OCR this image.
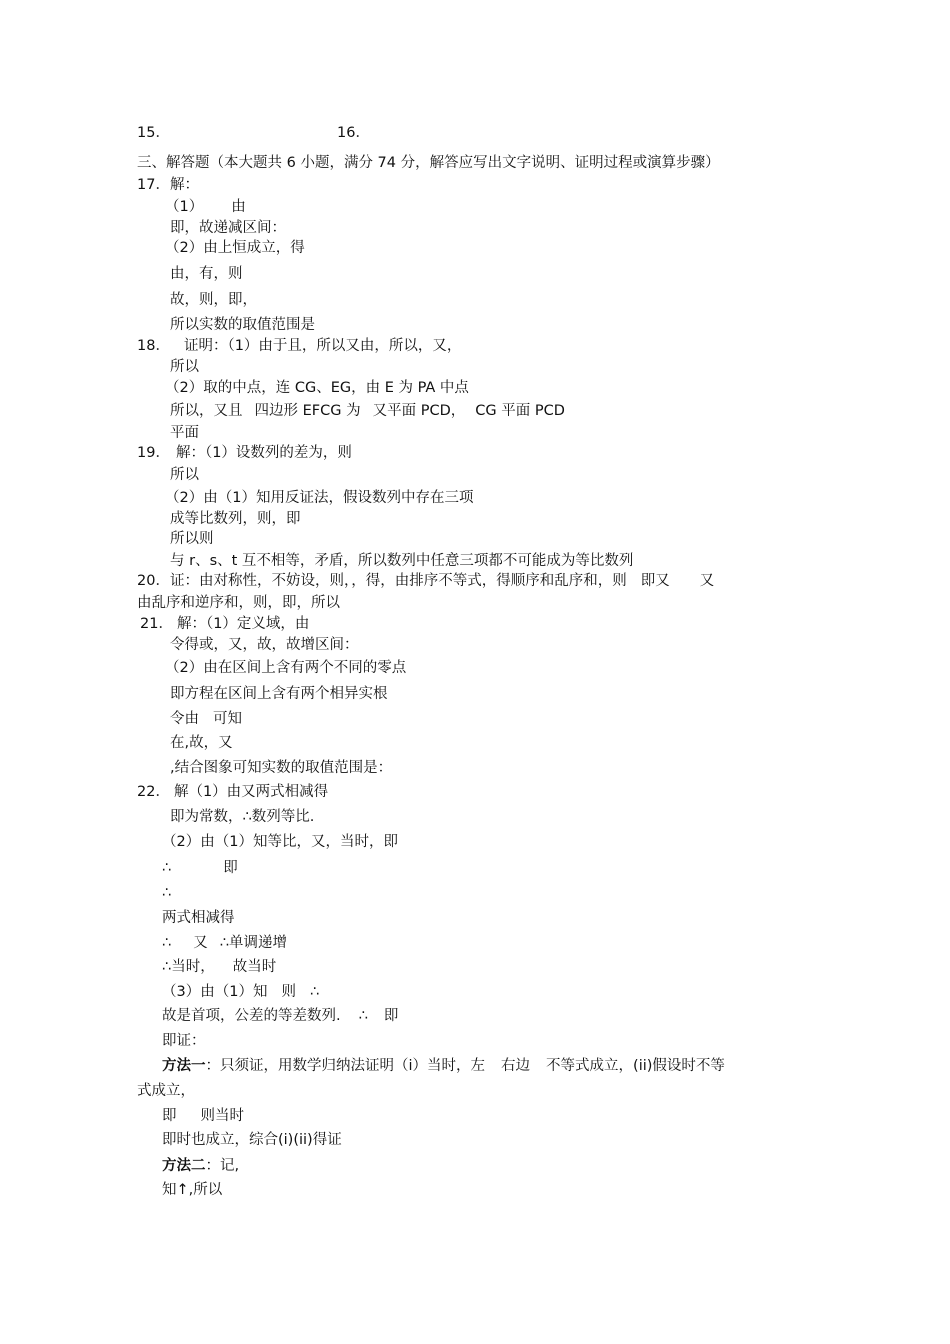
15．	16．
三、解答题（本大题共 6 小题，满分 74 分，解答应写出文字说明、证明过程或演算步骤）
17．解：
（1） 由
即，故递减区间：
（2）由上恒成立，得
由，有，则
故，则，即，
所以实数的取值范围是
18． 证明：（1）由于且，所以又由，所以，又，
所以
（2）取的中点，连 CG、EG，由 E 为 PA 中点
所以，又且 四边形 EFCG 为 又平面 PCD， CG 平面 PCD
平面
19． 解：（1）设数列的差为，则
所以
（2）由（1）知用反证法，假设数列中存在三项
成等比数列，则，即
所以则
与 r、s、t 互不相等，矛盾，所以数列中任意三项都不可能成为等比数列
20．证：由对称性，不妨设，则，，得，由排序不等式，得顺序和乱序和，则 即又 又
由乱序和逆序和，则，即，所以
21． 解：（1）定义域，由
令得或，又，故，故增区间：
（2）由在区间上含有两个不同的零点
即方程在区间上含有两个相异实根
令由 可知
在,故，又
,结合图象可知实数的取值范围是：
22． 解（1）由又两式相减得
即为常数，∴数列等比.
（2）由（1）知等比，又，当时，即
∴	即
∴
两式相减得
∴ 又 ∴单调递增
∴当时， 故当时
（3）由（1）知 则 ∴
故是首项，公差的等差数列. ∴ 即
即证：
方法一：只须证，用数学归纳法证明（i）当时，左 右边 不等式成立，(ii)假设时不等
式成立，
即 则当时
即时也成立，综合(i)(ii)得证
方法二：记,
知↑,所以
